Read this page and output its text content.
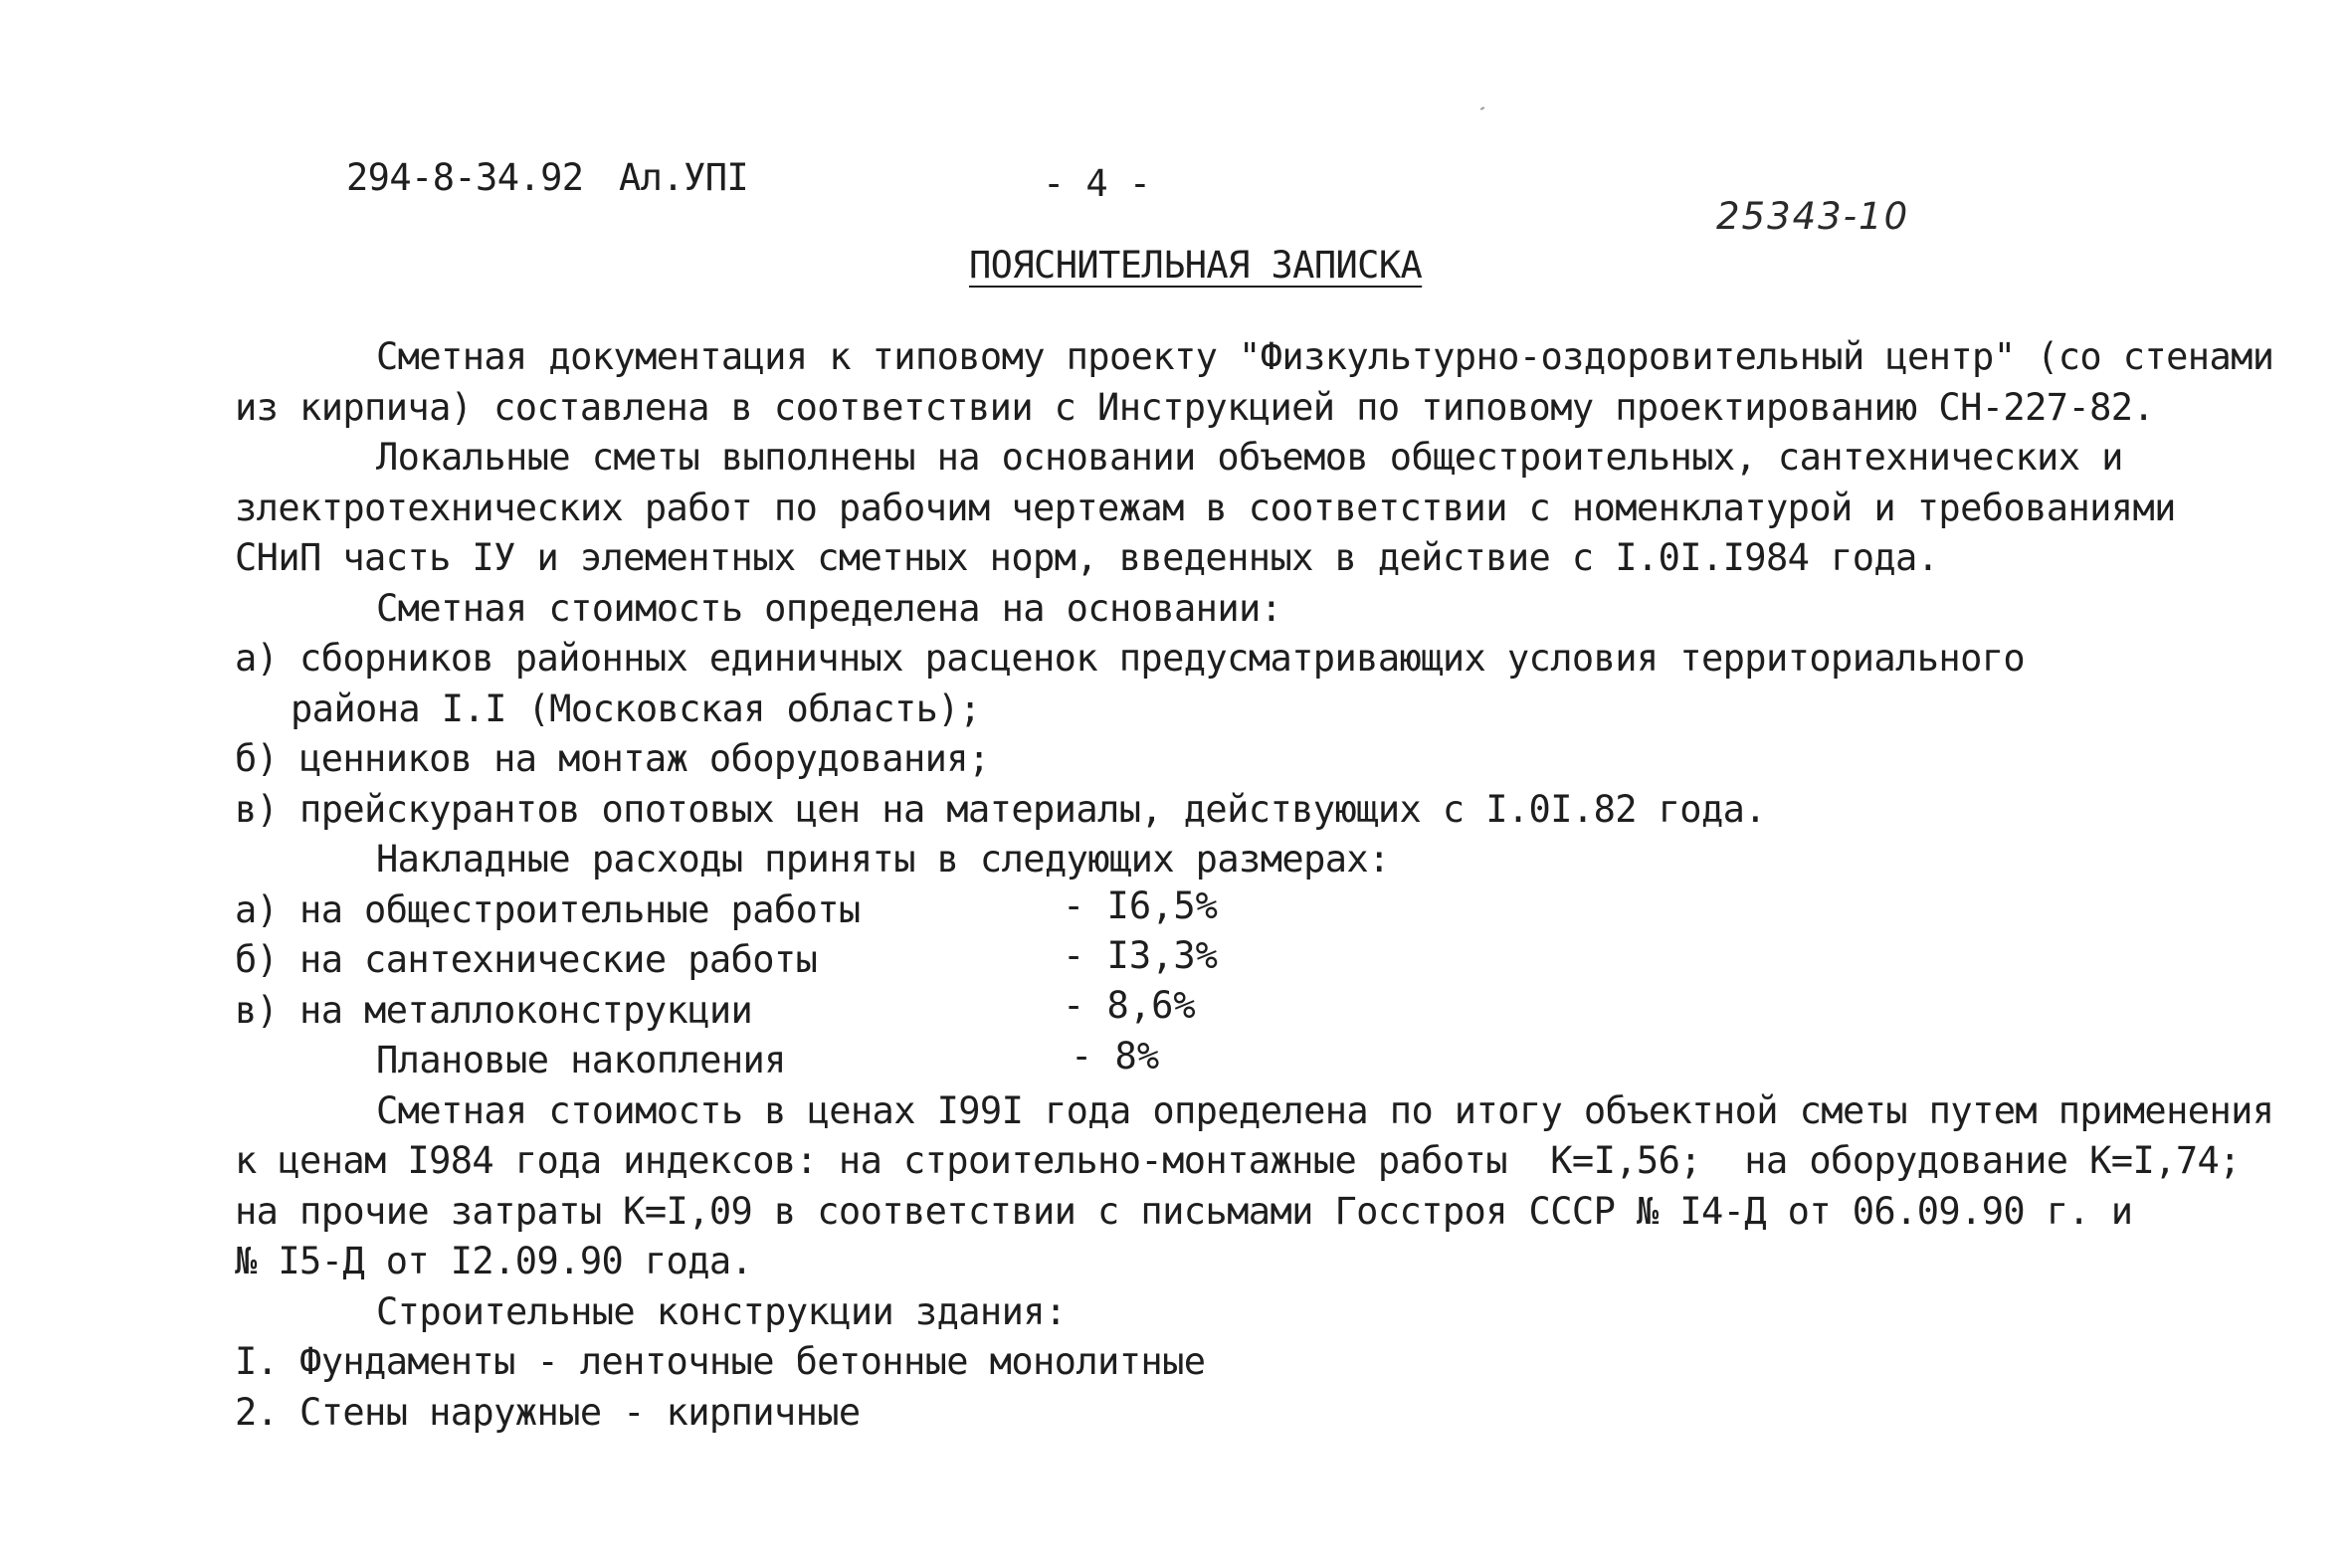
294-8-34.92 Ал.УПI	- 4 -
25343-10
ПОЯСНИТЕЛЬНАЯ ЗАПИСКА
Сметная документация к типовому проекту "Физкультурно-оздоровительный центр" (со стенами
из кирпича) составлена в соответствии с Инструкцией по типовому проектированию СН-227-82.
Локальные сметы выполнены на основании объемов общестроительных, сантехнических и
злектротехнических работ по рабочим чертежам в соответствии с номенклатурой и требованиями
СНиП часть IУ и элементных сметных норм, введенных в действие с I.0I.I984 года.
Сметная стоимость определена на основании:
а) сборников районных единичных расценок предусматривающих условия территориального
района I.I (Московская область);
б) ценников на монтаж оборудования;
в) прейскурантов опотовых цен на материалы, действующих с I.0I.82 года.
Накладные расходы приняты в следующих размерах:
а) на общестроительные работы	- I6,5%
б) на сантехнические работы	- I3,3%
в) на металлоконструкции	- 8,6%
Плановые накопления	- 8%
Сметная стоимость в ценах I99I года определена по итогу объектной сметы путем применения
к ценам I984 года индексов: на строительно-монтажные работы  К=I,56;  на оборудование К=I,74;
на прочие затраты К=I,09 в соответствии с письмами Госстроя СССР № I4-Д от 06.09.90 г. и
№ I5-Д от I2.09.90 года.
Строительные конструкции здания:
I. Фундаменты - ленточные бетонные монолитные
2. Стены наружные - кирпичные
